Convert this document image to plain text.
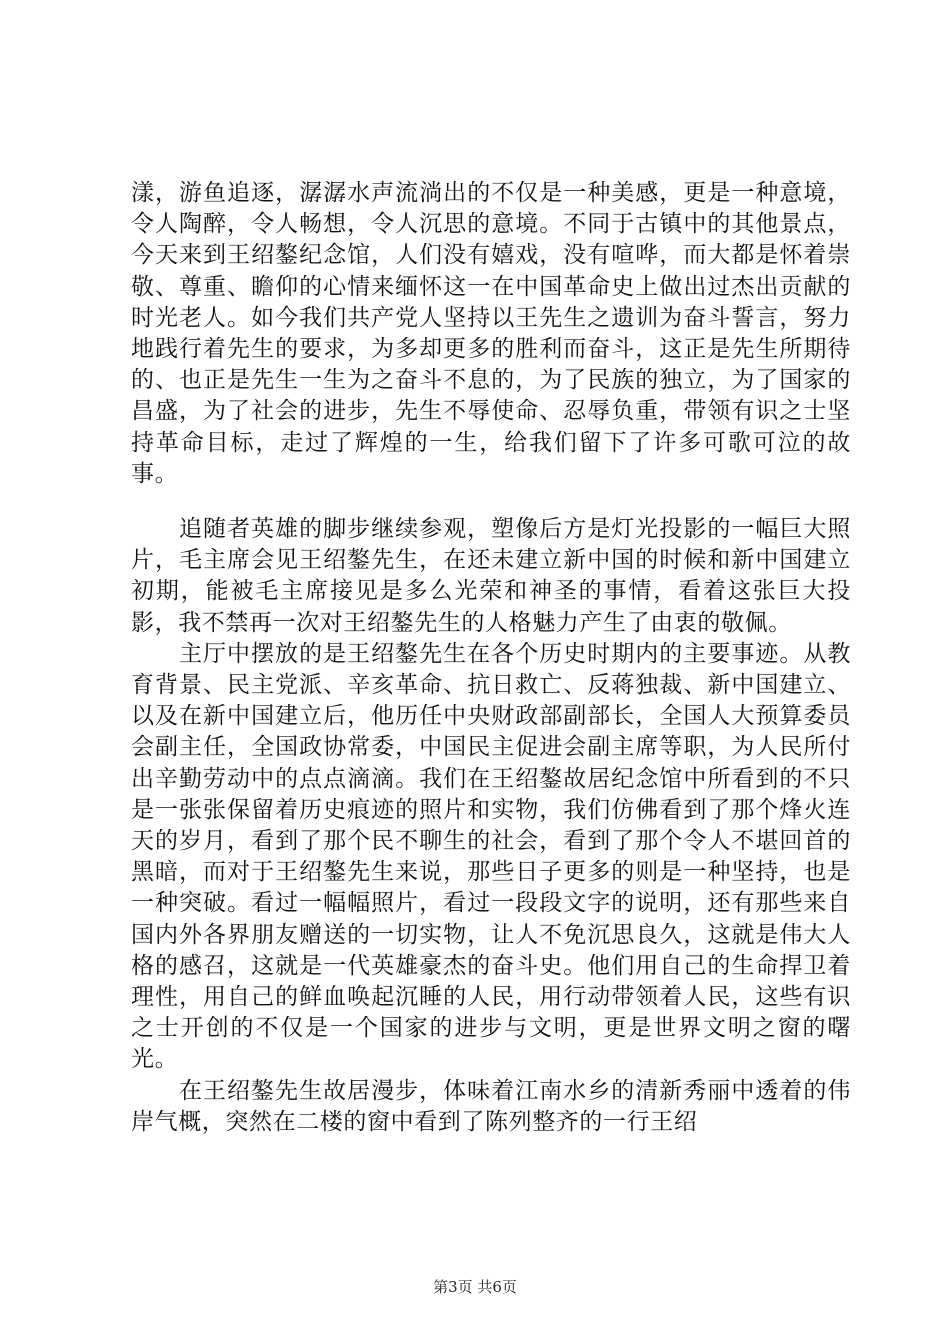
漾，游鱼追逐，潺潺水声流淌出的不仅是一种美感，更是一种意境，令人陶醉，令人畅想，令人沉思的意境。不同于古镇中的其他景点，今天来到王绍鏊纪念馆，人们没有嬉戏，没有喧哗，而大都是怀着崇敬、尊重、瞻仰的心情来缅怀这一在中国革命史上做出过杰出贡献的时光老人。如今我们共产党人坚持以王先生之遗训为奋斗誓言，努力地践行着先生的要求，为多却更多的胜利而奋斗，这正是先生所期待的、也正是先生一生为之奋斗不息的，为了民族的独立，为了国家的昌盛，为了社会的进步，先生不辱使命、忍辱负重，带领有识之士坚持革命目标，走过了辉煌的一生，给我们留下了许多可歌可泣的故事。

追随者英雄的脚步继续参观，塑像后方是灯光投影的一幅巨大照片，毛主席会见王绍鏊先生，在还未建立新中国的时候和新中国建立初期，能被毛主席接见是多么光荣和神圣的事情，看着这张巨大投影，我不禁再一次对王绍鏊先生的人格魅力产生了由衷的敬佩。

主厅中摆放的是王绍鏊先生在各个历史时期内的主要事迹。从教育背景、民主党派、辛亥革命、抗日救亡、反蒋独裁、新中国建立、以及在新中国建立后，他历任中央财政部副部长，全国人大预算委员会副主任，全国政协常委，中国民主促进会副主席等职，为人民所付出辛勤劳动中的点点滴滴。我们在王绍鏊故居纪念馆中所看到的不只是一张张保留着历史痕迹的照片和实物，我们仿佛看到了那个烽火连天的岁月，看到了那个民不聊生的社会，看到了那个令人不堪回首的黑暗，而对于王绍鏊先生来说，那些日子更多的则是一种坚持，也是一种突破。看过一幅幅照片，看过一段段文字的说明，还有那些来自国内外各界朋友赠送的一切实物，让人不免沉思良久，这就是伟大人格的感召，这就是一代英雄豪杰的奋斗史。他们用自己的生命捍卫着理性，用自己的鲜血唤起沉睡的人民，用行动带领着人民，这些有识之士开创的不仅是一个国家的进步与文明，更是世界文明之窗的曙光。

在王绍鏊先生故居漫步，体味着江南水乡的清新秀丽中透着的伟岸气概，突然在二楼的窗中看到了陈列整齐的一行王绍

第3页 共6页
